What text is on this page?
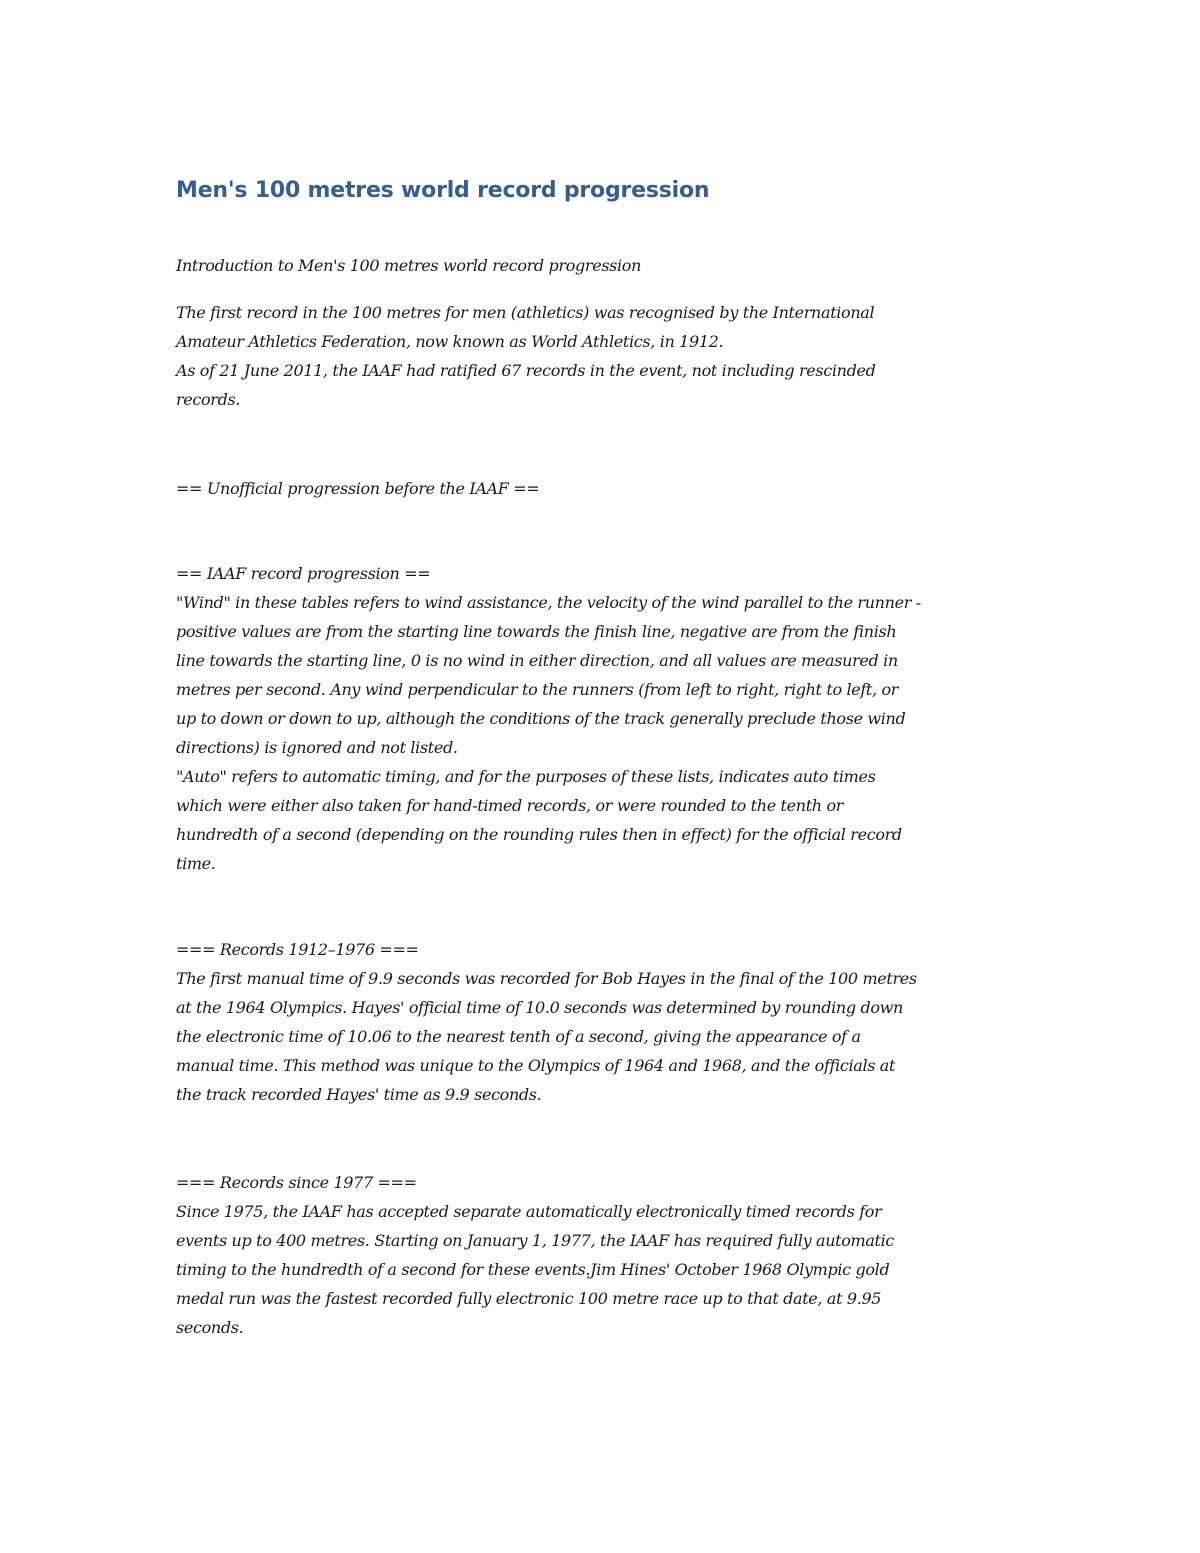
Men's 100 metres world record progression

Introduction to Men's 100 metres world record progression

The first record in the 100 metres for men (athletics) was recognised by the International
Amateur Athletics Federation, now known as World Athletics, in 1912.
As of 21 June 2011, the IAAF had ratified 67 records in the event, not including rescinded
records.

== Unofficial progression before the IAAF ==

== IAAF record progression ==
"Wind" in these tables refers to wind assistance, the velocity of the wind parallel to the runner -
positive values are from the starting line towards the finish line, negative are from the finish
line towards the starting line, 0 is no wind in either direction, and all values are measured in
metres per second. Any wind perpendicular to the runners (from left to right, right to left, or
up to down or down to up, although the conditions of the track generally preclude those wind
directions) is ignored and not listed.
"Auto" refers to automatic timing, and for the purposes of these lists, indicates auto times
which were either also taken for hand-timed records, or were rounded to the tenth or
hundredth of a second (depending on the rounding rules then in effect) for the official record
time.

=== Records 1912–1976 ===
The first manual time of 9.9 seconds was recorded for Bob Hayes in the final of the 100 metres
at the 1964 Olympics. Hayes' official time of 10.0 seconds was determined by rounding down
the electronic time of 10.06 to the nearest tenth of a second, giving the appearance of a
manual time. This method was unique to the Olympics of 1964 and 1968, and the officials at
the track recorded Hayes' time as 9.9 seconds.

=== Records since 1977 ===
Since 1975, the IAAF has accepted separate automatically electronically timed records for
events up to 400 metres. Starting on January 1, 1977, the IAAF has required fully automatic
timing to the hundredth of a second for these events.Jim Hines' October 1968 Olympic gold
medal run was the fastest recorded fully electronic 100 metre race up to that date, at 9.95
seconds.
